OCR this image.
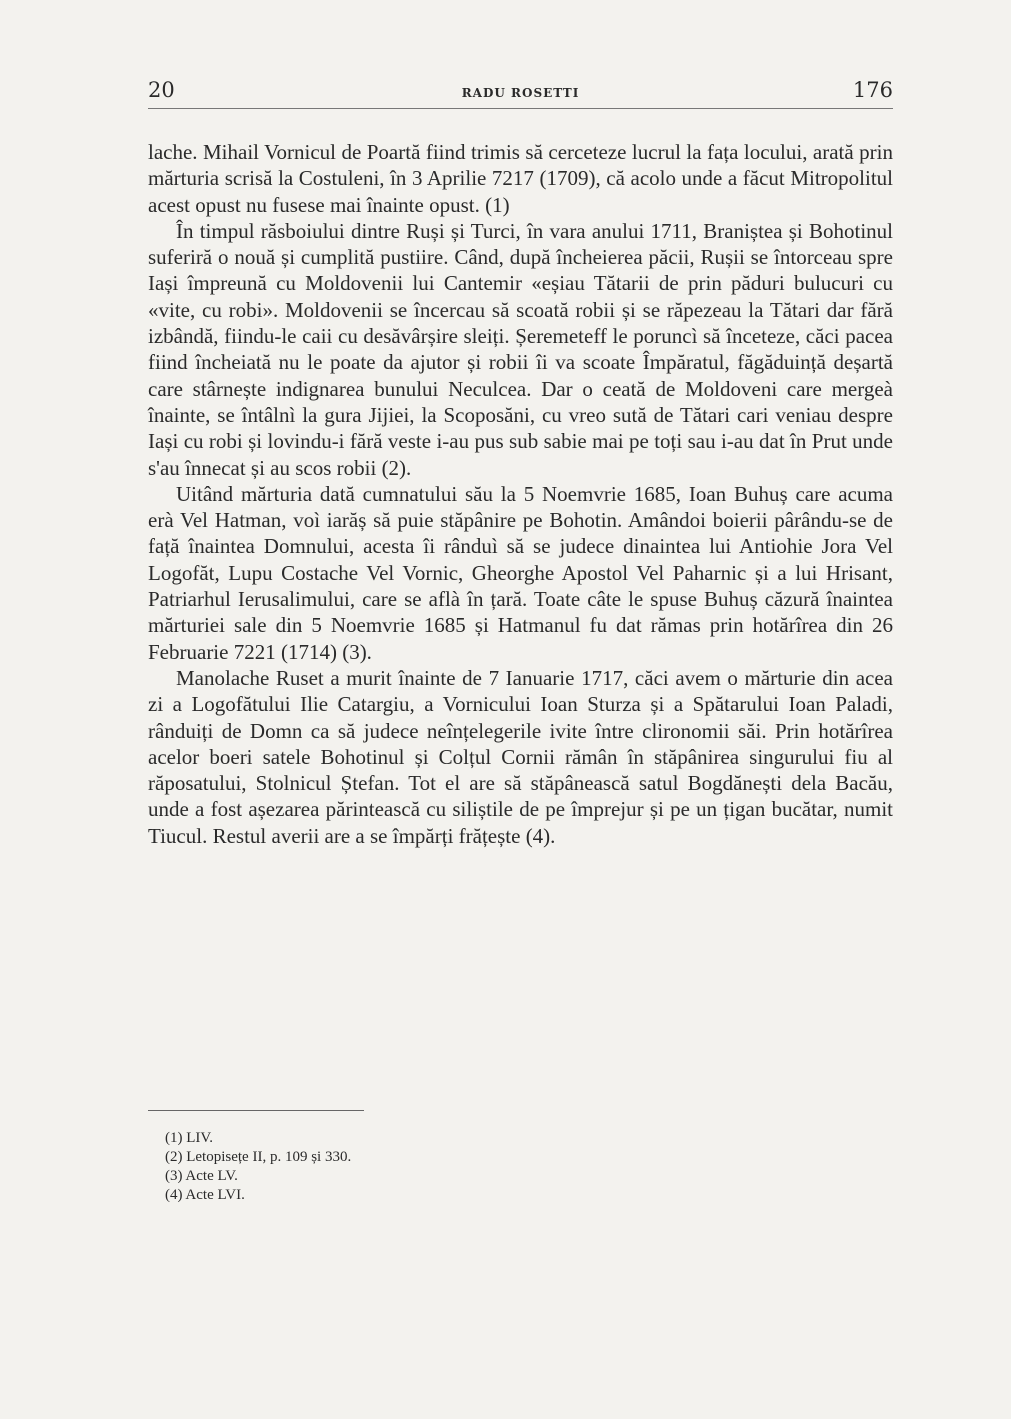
20	RADU ROSETTI	176

lache. Mihail Vornicul de Poartă fiind trimis să cerceteze lucrul la fața locului, arată prin mărturia scrisă la Costuleni, în 3 Aprilie 7217 (1709), că acolo unde a făcut Mitropolitul acest opust nu fusese mai înainte opust. (1)

În timpul răsboiului dintre Ruși și Turci, în vara anului 1711, Braniștea și Bohotinul suferiră o nouă și cumplită pustiire. Când, după încheierea păcii, Rușii se întorceau spre Iași împreună cu Moldovenii lui Cantemir «eșiau Tătarii de prin păduri bulucuri cu «vite, cu robi». Moldovenii se încercau să scoată robii și se răpezeau la Tătari dar fără izbândă, fiindu-le caii cu desăvârșire sleiți. Șeremeteff le poruncì să înceteze, căci pacea fiind încheiată nu le poate da ajutor și robii îi va scoate Împăratul, făgăduință deșartă care stârnește indignarea bunului Neculcea. Dar o ceată de Moldoveni care mergeà înainte, se întâlnì la gura Jijiei, la Scoposăni, cu vreo sută de Tătari cari veniau despre Iași cu robi și lovindu-i fără veste i-au pus sub sabie mai pe toți sau i-au dat în Prut unde s'au înnecat și au scos robii (2).

Uitând mărturia dată cumnatului său la 5 Noemvrie 1685, Ioan Buhuș care acuma erà Vel Hatman, voì iarăș să puie stăpânire pe Bohotin. Amândoi boierii pârându-se de față înaintea Domnului, acesta îi rânduì să se judece dinaintea lui Antiohie Jora Vel Logofăt, Lupu Costache Vel Vornic, Gheorghe Apostol Vel Paharnic și a lui Hrisant, Patriarhul Ierusalimului, care se aflà în țară. Toate câte le spuse Buhuș căzură înaintea mărturiei sale din 5 Noemvrie 1685 și Hatmanul fu dat rămas prin hotărîrea din 26 Februarie 7221 (1714) (3).

Manolache Ruset a murit înainte de 7 Ianuarie 1717, căci avem o mărturie din acea zi a Logofătului Ilie Catargiu, a Vornicului Ioan Sturza și a Spătarului Ioan Paladi, rânduiți de Domn ca să judece neînțelegerile ivite între clironomii săi. Prin hotărîrea acelor boeri satele Bohotinul și Colțul Cornii rămân în stăpânirea singurului fiu al răposatului, Stolnicul Ștefan. Tot el are să stăpânească satul Bogdănești dela Bacău, unde a fost așezarea părintească cu siliștile de pe împrejur și pe un țigan bucătar, numit Tiucul. Restul averii are a se împărți frățește (4).

(1) LIV.
(2) Letopisețe II, p. 109 și 330.
(3) Acte LV.
(4) Acte LVI.
